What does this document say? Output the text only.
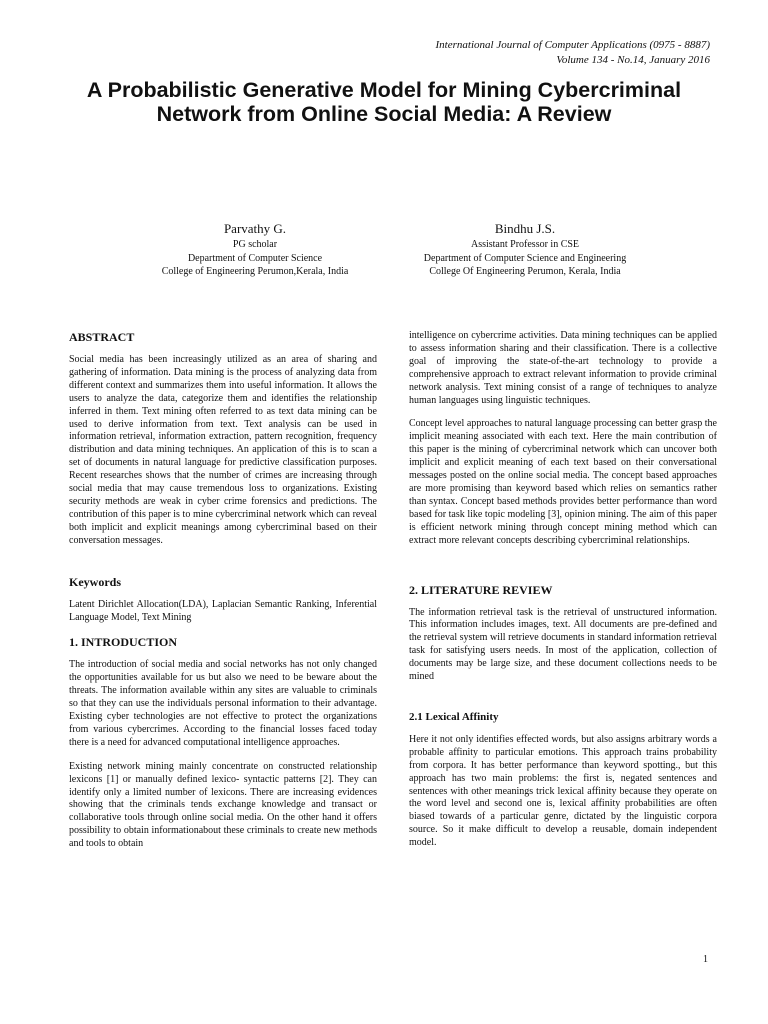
International Journal of Computer Applications (0975 - 8887)
Volume 134 - No.14, January 2016
A Probabilistic Generative Model for Mining Cybercriminal Network from Online Social Media: A Review
Parvathy G.
PG scholar
Department of Computer Science
College of Engineering Perumon,Kerala, India
Bindhu J.S.
Assistant Professor in CSE
Department of Computer Science and Engineering
College Of Engineering Perumon, Kerala, India
ABSTRACT

Social media has been increasingly utilized as an area of sharing and gathering of information. Data mining is the process of analyzing data from different context and summarizes them into useful information. It allows the users to analyze the data, categorize them and identifies the relationship inferred in them. Text mining often referred to as text data mining can be used to derive information from text. Text analysis can be used in information retrieval, information extraction, pattern recognition, frequency distribution and data mining techniques. An application of this is to scan a set of documents in natural language for predictive classification purposes. Recent researches shows that the number of crimes are increasing through social media that may cause tremendous loss to organizations. Existing security methods are weak in cyber crime forensics and predictions. The contribution of this paper is to mine cybercriminal network which can reveal both implicit and explicit meanings among cybercriminal based on their conversation messages.

Keywords

Latent Dirichlet Allocation(LDA), Laplacian Semantic Ranking, Inferential Language Model, Text Mining

1. INTRODUCTION

The introduction of social media and social networks has not only changed the opportunities available for us but also we need to be beware about the threats. The information available within any sites are valuable to criminals so that they can use the individuals personal information to their advantage. Existing cyber technologies are not effective to protect the organizations from various cybercrimes. According to the financial losses faced today there is a need for advanced computational intelligence approaches.

Existing network mining mainly concentrate on constructed relationship lexicons [1] or manually defined lexico- syntactic patterns [2]. They can identify only a limited number of lexicons. There are increasing evidences showing that the criminals tends exchange knowledge and transact or collaborative tools through online social media. On the other hand it offers possibility to obtain informationabout these criminals to create new methods and tools to obtain

intelligence on cybercrime activities. Data mining techniques can be applied to assess information sharing and their classification. There is a collective goal of improving the state-of-the-art technology to provide a comprehensive approach to extract relevant information to provide criminal network analysis. Text mining consist of a range of techniques to analyze human languages using linguistic techniques.

Concept level approaches to natural language processing can better grasp the implicit meaning associated with each text. Here the main contribution of this paper is the mining of cybercriminal network which can uncover both implicit and explicit meaning of each text based on their conversational messages posted on the online social media. The concept based approaches are more promising than keyword based which relies on semantics rather than syntax. Concept based methods provides better performance than word based for task like topic modeling [3], opinion mining. The aim of this paper is efficient network mining through concept mining method which can extract more relevant concepts describing cybercriminal relationships.

2. LITERATURE REVIEW

The information retrieval task is the retrieval of unstructured information. This information includes images, text. All documents are pre-defined and the retrieval system will retrieve documents in standard information retrieval task for satisfying users needs. In most of the application, collection of documents may be large size, and these document collections needs to be mined

2.1 Lexical Affinity

Here it not only identifies effected words, but also assigns arbitrary words a probable affinity to particular emotions. This approach trains probability from corpora. It has better performance than keyword spotting., but this approach has two main problems: the first is, negated sentences and sentences with other meanings trick lexical affinity because they operate on the word level and second one is, lexical affinity probabilities are often biased towards of a particular genre, dictated by the linguistic corpora source. So it make difficult to develop a reusable, domain independent model.

1
